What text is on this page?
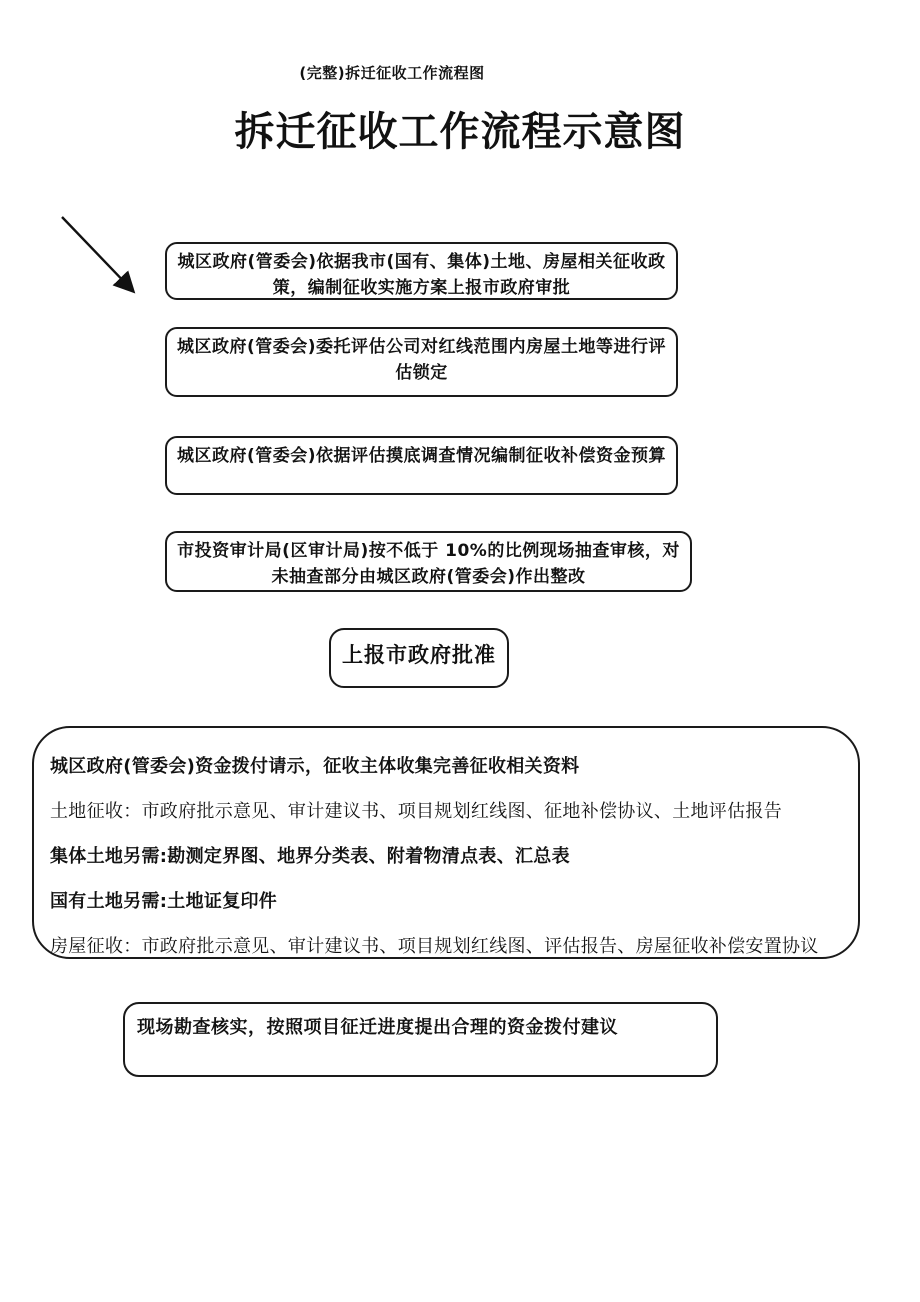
(完整)拆迁征收工作流程图
拆迁征收工作流程示意图
城区政府(管委会)依据我市(国有、集体)土地、房屋相关征收政策，编制征收实施方案上报市政府审批
城区政府(管委会)委托评估公司对红线范围内房屋土地等进行评估锁定
城区政府(管委会)依据评估摸底调查情况编制征收补偿资金预算
市投资审计局(区审计局)按不低于 10%的比例现场抽查审核，对未抽查部分由城区政府(管委会)作出整改
上报市政府批准

城区政府(管委会)资金拨付请示，征收主体收集完善征收相关资料

土地征收：市政府批示意见、审计建议书、项目规划红线图、征地补偿协议、土地评估报告

集体土地另需:勘测定界图、地界分类表、附着物清点表、汇总表

国有土地另需:土地证复印件

房屋征收：市政府批示意见、审计建议书、项目规划红线图、评估报告、房屋征收补偿安置协议

现场勘查核实，按照项目征迁进度提出合理的资金拨付建议
